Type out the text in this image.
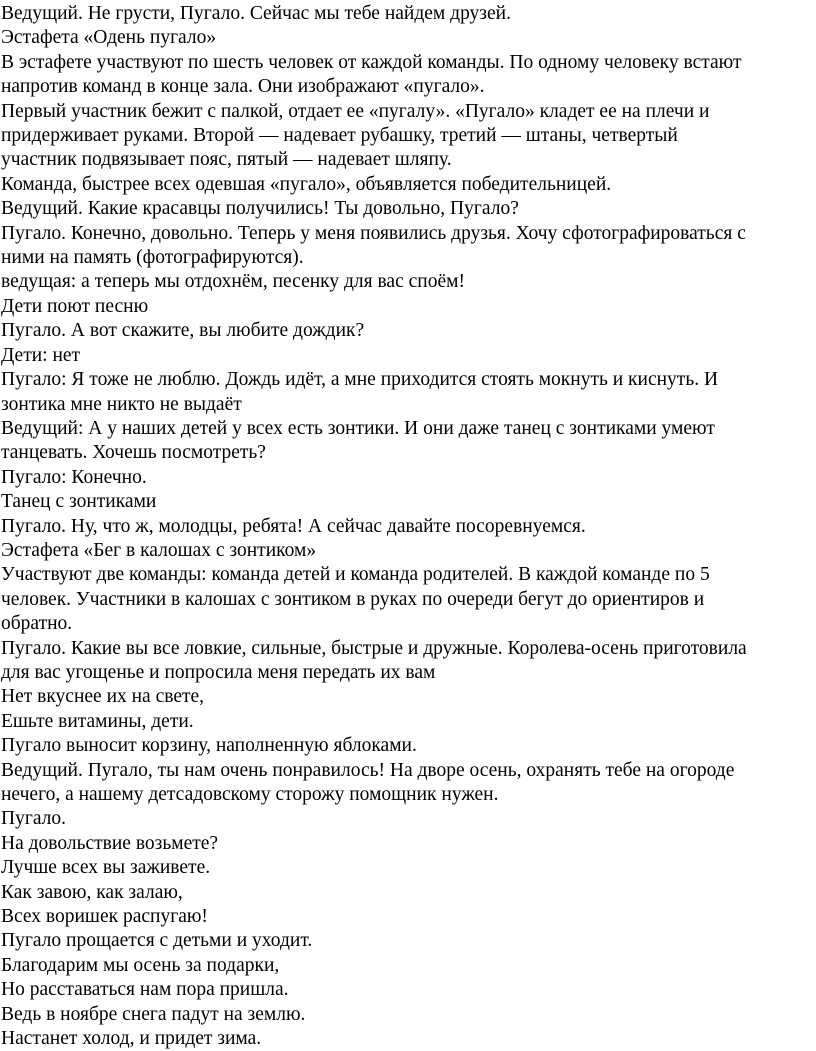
Ведущий. Не грусти, Пугало. Сейчас мы тебе найдем друзей.
Эстафета «Одень пугало»
В эстафете участвуют по шесть человек от каждой команды. По одному человеку встают
напротив команд в конце зала. Они изображают «пугало».
Первый участник бежит с палкой, отдает ее «пугалу». «Пугало» кладет ее на плечи и
придерживает руками. Второй — надевает рубашку, третий — штаны, четвертый
участник подвязывает пояс, пятый — надевает шляпу.
Команда, быстрее всех одевшая «пугало», объявляется победительницей.
Ведущий. Какие красавцы получились! Ты довольно, Пугало?
Пугало. Конечно, довольно. Теперь у меня появились друзья. Хочу сфотографироваться с
ними на память (фотографируются).
ведущая: а теперь мы отдохнём, песенку для вас споём!
Дети поют песню
Пугало. А вот скажите, вы любите дождик?
Дети: нет
Пугало: Я тоже не люблю. Дождь идёт, а мне приходится стоять мокнуть и киснуть. И
зонтика мне никто не выдаёт
Ведущий: А у наших детей у всех есть зонтики. И они даже танец с зонтиками умеют
танцевать. Хочешь посмотреть?
Пугало: Конечно.
Танец с зонтиками
Пугало. Ну, что ж, молодцы, ребята! А сейчас давайте посоревнуемся.
Эстафета «Бег в калошах с зонтиком»
Участвуют две команды: команда детей и команда родителей. В каждой команде по 5
человек. Участники в калошах с зонтиком в руках по очереди бегут до ориентиров и
обратно.
Пугало. Какие вы все ловкие, сильные, быстрые и дружные. Королева-осень приготовила
для вас угощенье и попросила меня передать их вам
Нет вкуснее их на свете,
Ешьте витамины, дети.
Пугало выносит корзину, наполненную яблоками.
Ведущий. Пугало, ты нам очень понравилось! На дворе осень, охранять тебе на огороде
нечего, а нашему детсадовскому сторожу помощник нужен.
Пугало.
На довольствие возьмете?
Лучше всех вы заживете.
Как завою, как залаю,
Всех воришек распугаю!
Пугало прощается с детьми и уходит.
Благодарим мы осень за подарки,
Но расставаться нам пора пришла.
Ведь в ноябре снега падут на землю.
Настанет холод, и придет зима.
